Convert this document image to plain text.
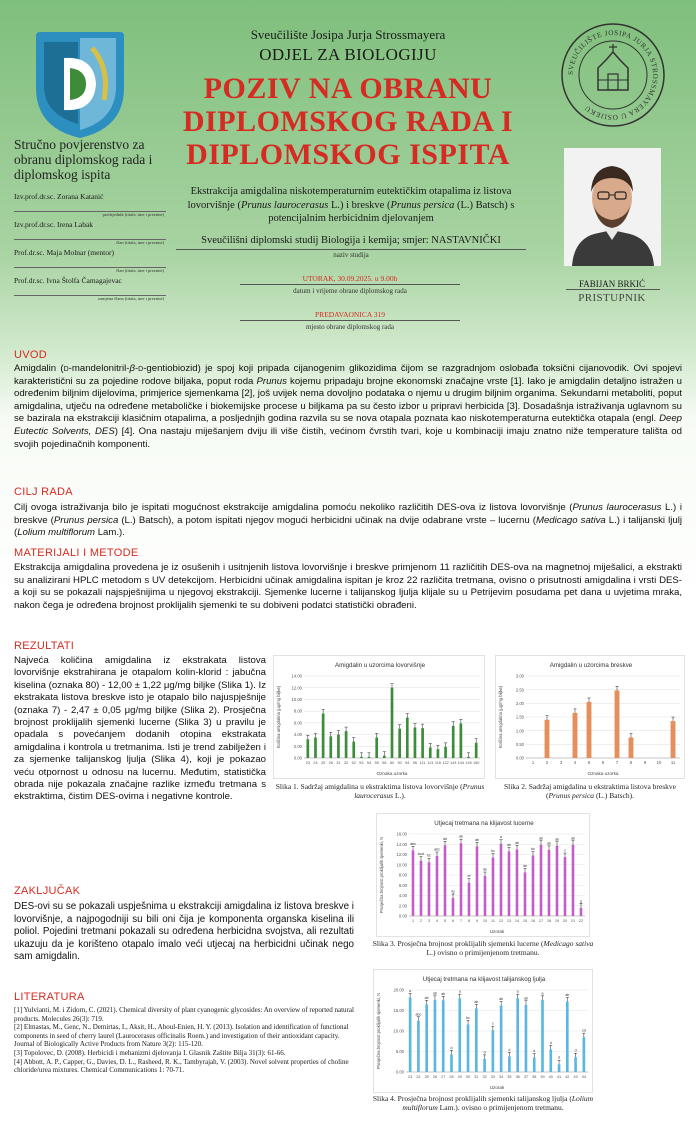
Sveučilište Josipa Jurja Strossmayera
ODJEL ZA BIOLOGIJU
POZIV NA OBRANU
DIPLOMSKOG RADA I
DIPLOMSKOG ISPITA
SVEUČILIŠTE JOSIPA JURJA STROSSMAYERA U OSIJEKU
Stručno povjerenstvo za obranu diplomskog rada i diplomskog ispita
Izv.prof.dr.sc. Zorana Katanić
predsjednik (titula, ime i prezime)
Izv.prof.dr.sc. Irena Labak
član (titula, ime i prezime)
Prof.dr.sc. Maja Molnar (mentor)
član (titula, ime i prezime)
Prof.dr.sc. Ivna Štolfa Čamagajevac
zamjena člana (titula, ime i prezime)
Ekstrakcija amigdalina niskotemperaturnim eutektičkim otapalima iz listova lovorvišnje (Prunus laurocerasus L.) i breskve (Prunus persica (L.) Batsch) s potencijalnim herbicidnim djelovanjem
Sveučilišni diplomski studij Biologija i kemija; smjer: NASTAVNIČKI
naziv studija
UTORAK, 30.09.2025. u 9.00h
datum i vrijeme obrane diplomskog rada
PREDAVAONICA 319
mjesto obrane diplomskog rada
FABIJAN BRKIĆ
PRISTUPNIK
UVOD
Amigdalin (d-mandelonitril-β-d-gentiobiozid) je spoj koji pripada cijanogenim glikozidima čijom se razgradnjom oslobađa toksični cijanovodik. Ovi spojevi karakteristični su za pojedine rodove biljaka, poput roda Prunus kojemu pripadaju brojne ekonomski značajne vrste [1]. Iako je amigdalin detaljno istražen u određenim biljnim dijelovima, primjerice sjemenkama [2], još uvijek nema dovoljno podataka o njemu u drugim biljnim organima. Sekundarni metaboliti, poput amigdalina, utječu na određene metaboličke i biokemijske procese u biljkama pa su često izbor u pripravi herbicida [3]. Dosadašnja istraživanja uglavnom su se bazirala na ekstrakciji klasičnim otapalima, a posljednjih godina razvila su se nova otapala poznata kao niskotemperaturna eutektička otapala (engl. Deep Eutectic Solvents, DES) [4]. Ona nastaju miješanjem dviju ili više čistih, većinom čvrstih tvari, koje u kombinaciji imaju znatno niže temperature tališta od svojih pojedinačnih komponenti.
CILJ RADA
Cilj ovoga istraživanja bilo je ispitati mogućnost ekstrakcije amigdalina pomoću nekoliko različitih DES-ova iz listova lovorvišnje (Prunus laurocerasus L.) i breskve (Prunus persica (L.) Batsch), a potom ispitati njegov mogući herbicidni učinak na dvije odabrane vrste – lucernu (Medicago sativa L.) i talijanski ljulj (Lolium multiflorum Lam.).
MATERIJALI I METODE
Ekstrakcija amigdalina provedena je iz osušenih i usitnjenih listova lovorvišnje i breskve primjenom 11 različitih DES-ova na magnetnoj miješalici, a ekstrakti su analizirani HPLC metodom s UV detekcijom. Herbicidni učinak amigdalina ispitan je kroz 22 različita tretmana, ovisno o prisutnosti amigdalina i vrsti DES-a koji su se pokazali najspješnijima u njegovoj ekstrakciji. Sjemenke lucerne i talijanskog ljulja klijale su u Petrijevim posudama pet dana u uvjetima mraka, nakon čega je određena brojnost proklijalih sjemenki te su dobiveni podatci statistički obrađeni.
REZULTATI
Najveća količina amigdalina iz ekstrakata listova lovorvišnje ekstrahirana je otapalom kolin-klorid : jabučna kiselina (oznaka 80) - 12,00 ± 1,22 μg/mg biljke (Slika 1). Iz ekstrakata listova breskve isto je otapalo bilo najuspješnije (oznaka 7) - 2,47 ± 0,05 μg/mg biljke (Slika 2). Prosječna brojnost proklijalih sjemenki lucerne (Slika 3) u pravilu je opadala s povećanjem dodanih otopina ekstrakata amigdalina i kontrola u tretmanima. Isti je trend zabilježen i za sjemenke talijanskog ljulja (Slika 4), koji je pokazao veću otpornost u odnosu na lucernu. Međutim, statistička obrada nije pokazala značajne razlike između tretmana s ekstraktima, čistim DES-ovima i negativne kontrole.
ZAKLJUČAK
DES-ovi su se pokazali uspješnima u ekstrakciji amigdalina iz listova breskve i lovorvišnje, a najpogodniji su bili oni čija je komponenta organska kiselina ili poliol. Pojedini tretmani pokazali su određena herbicidna svojstva, ali rezultati ukazuju da je korišteno otapalo imalo veći utjecaj na herbicidni učinak nego sam amigdalin.
LITERATURA
[1] Yulvianti, M. i Zidorn, C. (2021). Chemical diversity of plant cyanogenic glycosides: An overview of reported natural products. Molecules 26(3): 719.
[2] Elmastas, M., Genc, N., Demirtas, I., Aksit, H., Aboul-Enien, H. Y. (2013). Isolation and identification of functional components in seed of cherry laurel (Laurocerasus officinalis Roem.) and investigation of their antioxidant capacity. Journal of Biologically Active Products from Nature 3(2): 115-120.
[3] Topolovec, D. (2008). Herbicidi i mehanizmi djelovanja I. Glasnik Zaštite Bilja 31(3): 61-66.
[4] Abbott, A. P., Capper, G., Davies, D. L., Rasheed, R. K., Tambyrajah, V. (2003). Novel solvent properties of choline chloride/urea mixtures. Chemical Communications 1: 70-71.
Amigdalin u uzorcima lovorvišnje
0.00
2.00
4.00
6.00
8.00
10.00
12.00
14.00
23 24 25 26 31 32 52 53 54 55 56 80 90 94 96 111 113 116 122 143 144 145 150
Oznaka uzorka
Količina amigdalina (μg/mg biljke)
Slika 1. Sadržaj amigdalina u ekstraktima listova lovorvišnje (Prunus laurocerasus L.).
Amigdalin u uzorcima breskve
0.00
0.50
1.00
1.50
2.00
2.50
3.00
1	2	3	4	5	6	7	8	9 10 11
Oznaka uzorka
Količina amigdalina (μg/mg biljke)
Slika 2. Sadržaj amigdalina u ekstraktima listova breskve (Prunus persica (L.) Batsch).
Utjecaj tretmana na klijavost lucerne
0.00
2.00
4.00
6.00
8.00
10.00
12.00
14.00
16.00
abc
1
bcd
2
bc
3
abc
4
ab
5
fg
6
ab
7
ef
8
ab
9
de
10
bc
11
a
12
ab
13
ab
14
de
15
bc
16
ab
17
ab
18
ab
19
c
20
ab
21
g
22
Uzorak
Prosječna brojnost proklijalih sjemenki, N
Slika 3. Prosječna brojnost proklijalih sjemenki lucerne (Medicago sativa L.) ovisno o primijenjenom tretmanu.
Utjecaj tretmana na klijavost talijanskog ljulja
0.00
5.00
10.00
15.00
20.00 a
23
abc
24
ab
25
ab
26
ab
27
d
28
a
29
bc
30
ab
31
d
32
c
33
ab
34
d
35
a
36
ab
37
d
38
a
39
d
40
d
41
ab
42
d
43
cd
44
Uzorak
Prosječna brojnost proklijalih sjemenki, N
Slika 4. Prosječna brojnost proklijalih sjemenki talijanskog ljulja (Lolium multiflorum Lam.). ovisno o primijenjenom tretmanu.
